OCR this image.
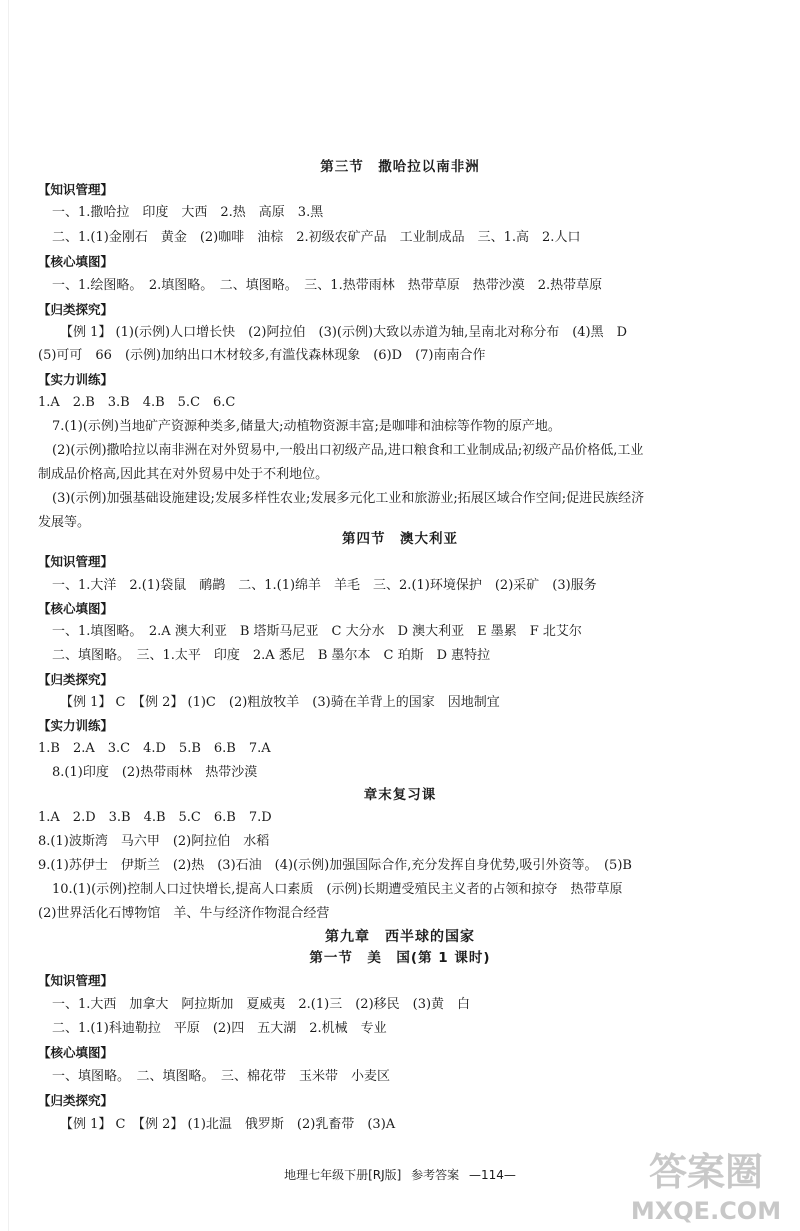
第三节　撒哈拉以南非洲
【知识管理】
一、1.撒哈拉　印度　大西　2.热　高原　3.黑
二、1.(1)金刚石　黄金　(2)咖啡　油棕　2.初级农矿产品　工业制成品　三、1.高　2.人口
【核心填图】
一、1.绘图略。　2.填图略。　二、填图略。　三、1.热带雨林　热带草原　热带沙漠　2.热带草原
【归类探究】
【例 1】 (1)(示例)人口增长快　(2)阿拉伯　(3)(示例)大致以赤道为轴,呈南北对称分布　(4)黑　D
(5)可可　66　(示例)加纳出口木材较多,有滥伐森林现象　(6)D　(7)南南合作
【实力训练】
1.A　2.B　3.B　4.B　5.C　6.C
7.(1)(示例)当地矿产资源种类多,储量大;动植物资源丰富;是咖啡和油棕等作物的原产地。
(2)(示例)撒哈拉以南非洲在对外贸易中,一般出口初级产品,进口粮食和工业制成品;初级产品价格低,工业
制成品价格高,因此其在对外贸易中处于不利地位。
(3)(示例)加强基础设施建设;发展多样性农业;发展多元化工业和旅游业;拓展区域合作空间;促进民族经济
发展等。
第四节　澳大利亚
【知识管理】
一、1.大洋　2.(1)袋鼠　鸸鹋　二、1.(1)绵羊　羊毛　三、2.(1)环境保护　(2)采矿　(3)服务
【核心填图】
一、1.填图略。　2.A 澳大利亚　B 塔斯马尼亚　C 大分水　D 澳大利亚　E 墨累　F 北艾尔
二、填图略。　三、1.太平　印度　2.A 悉尼　B 墨尔本　C 珀斯　D 惠特拉
【归类探究】
【例 1】 C　【例 2】 (1)C　(2)粗放牧羊　(3)骑在羊背上的国家　因地制宜
【实力训练】
1.B　2.A　3.C　4.D　5.B　6.B　7.A
8.(1)印度　(2)热带雨林　热带沙漠
章末复习课
1.A　2.D　3.B　4.B　5.C　6.B　7.D
8.(1)波斯湾　马六甲　(2)阿拉伯　水稻
9.(1)苏伊士　伊斯兰　(2)热　(3)石油　(4)(示例)加强国际合作,充分发挥自身优势,吸引外资等。　(5)B
10.(1)(示例)控制人口过快增长,提高人口素质　(示例)长期遭受殖民主义者的占领和掠夺　热带草原
(2)世界活化石博物馆　羊、牛与经济作物混合经营
第九章　西半球的国家
第一节　美　国(第 1 课时)
【知识管理】
一、1.大西　加拿大　阿拉斯加　夏威夷　2.(1)三　(2)移民　(3)黄　白
二、1.(1)科迪勒拉　平原　(2)四　五大湖　2.机械　专业
【核心填图】
一、填图略。　二、填图略。　三、棉花带　玉米带　小麦区
【归类探究】
【例 1】 C　【例 2】 (1)北温　俄罗斯　(2)乳畜带　(3)A
地理七年级下册[RJ版] 参考答案 —114—	答案圈
MXQE.COM
